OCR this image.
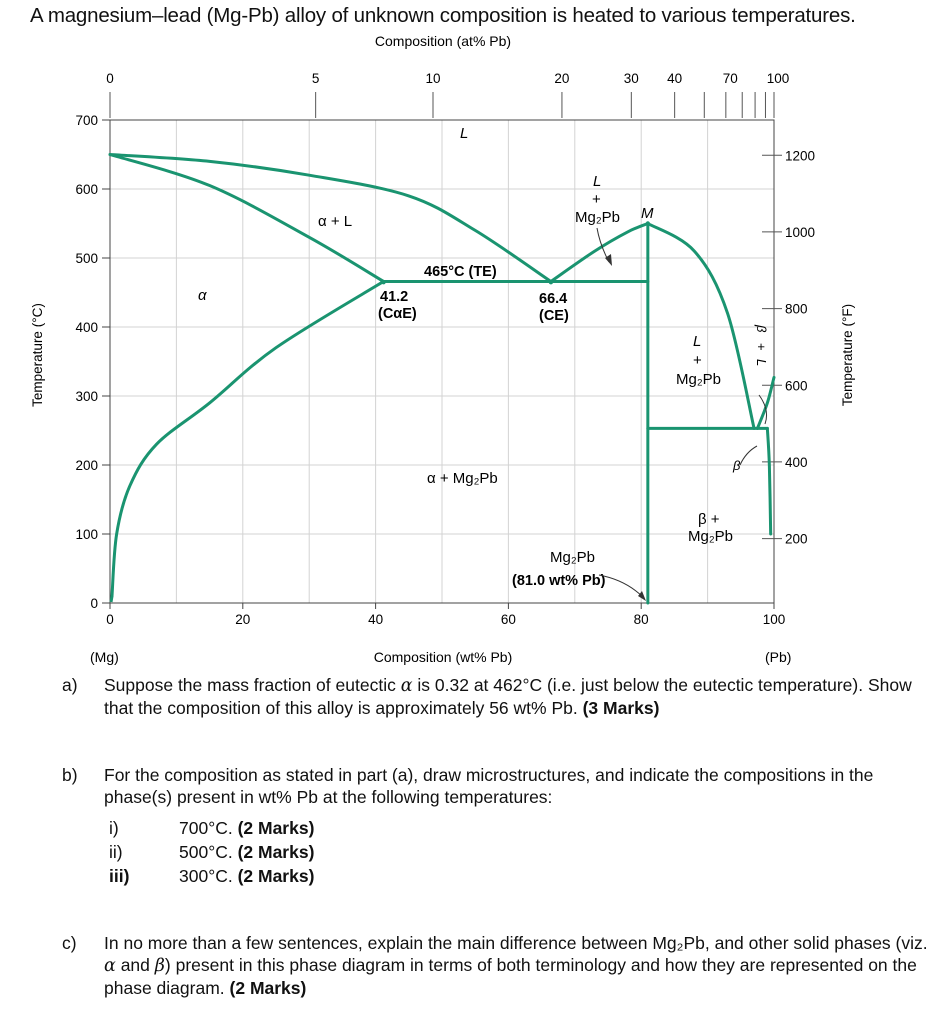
A magnesium–lead (Mg-Pb) alloy of unknown composition is heated to various temperatures.
Composition (at% Pb)
0	5	10	20	30 40	70 100
0
100
200
300
400
500
600
700
Temperature (°C)
200
400
600
800
1000
1200
Temperature (°F)
0	20	40	60	80	100
Composition (wt% Pb)
(Mg)	(Pb)
L
α + L
α
L
+
Mg₂Pb M
L
+
Mg₂Pb
α + Mg₂Pb
β +
Mg₂Pb
β
Mg₂Pb
(81.0 wt% Pb)
465°C (TE)
41.2
(CαE)
66.4
(CE)
β
+
L
a) Suppose the mass fraction of eutectic α is 0.32 at 462°C (i.e. just below the eutectic temperature). Show that the composition of this alloy is approximately 56 wt% Pb. (3 Marks)
b) For the composition as stated in part (a), draw microstructures, and indicate the compositions in the phase(s) present in wt% Pb at the following temperatures:
i)	700°C. (2 Marks)
ii)	500°C. (2 Marks)
iii)	300°C. (2 Marks)
c) In no more than a few sentences, explain the main difference between Mg₂Pb, and other solid phases (viz. α and β) present in this phase diagram in terms of both terminology and how they are represented on the phase diagram. (2 Marks)
